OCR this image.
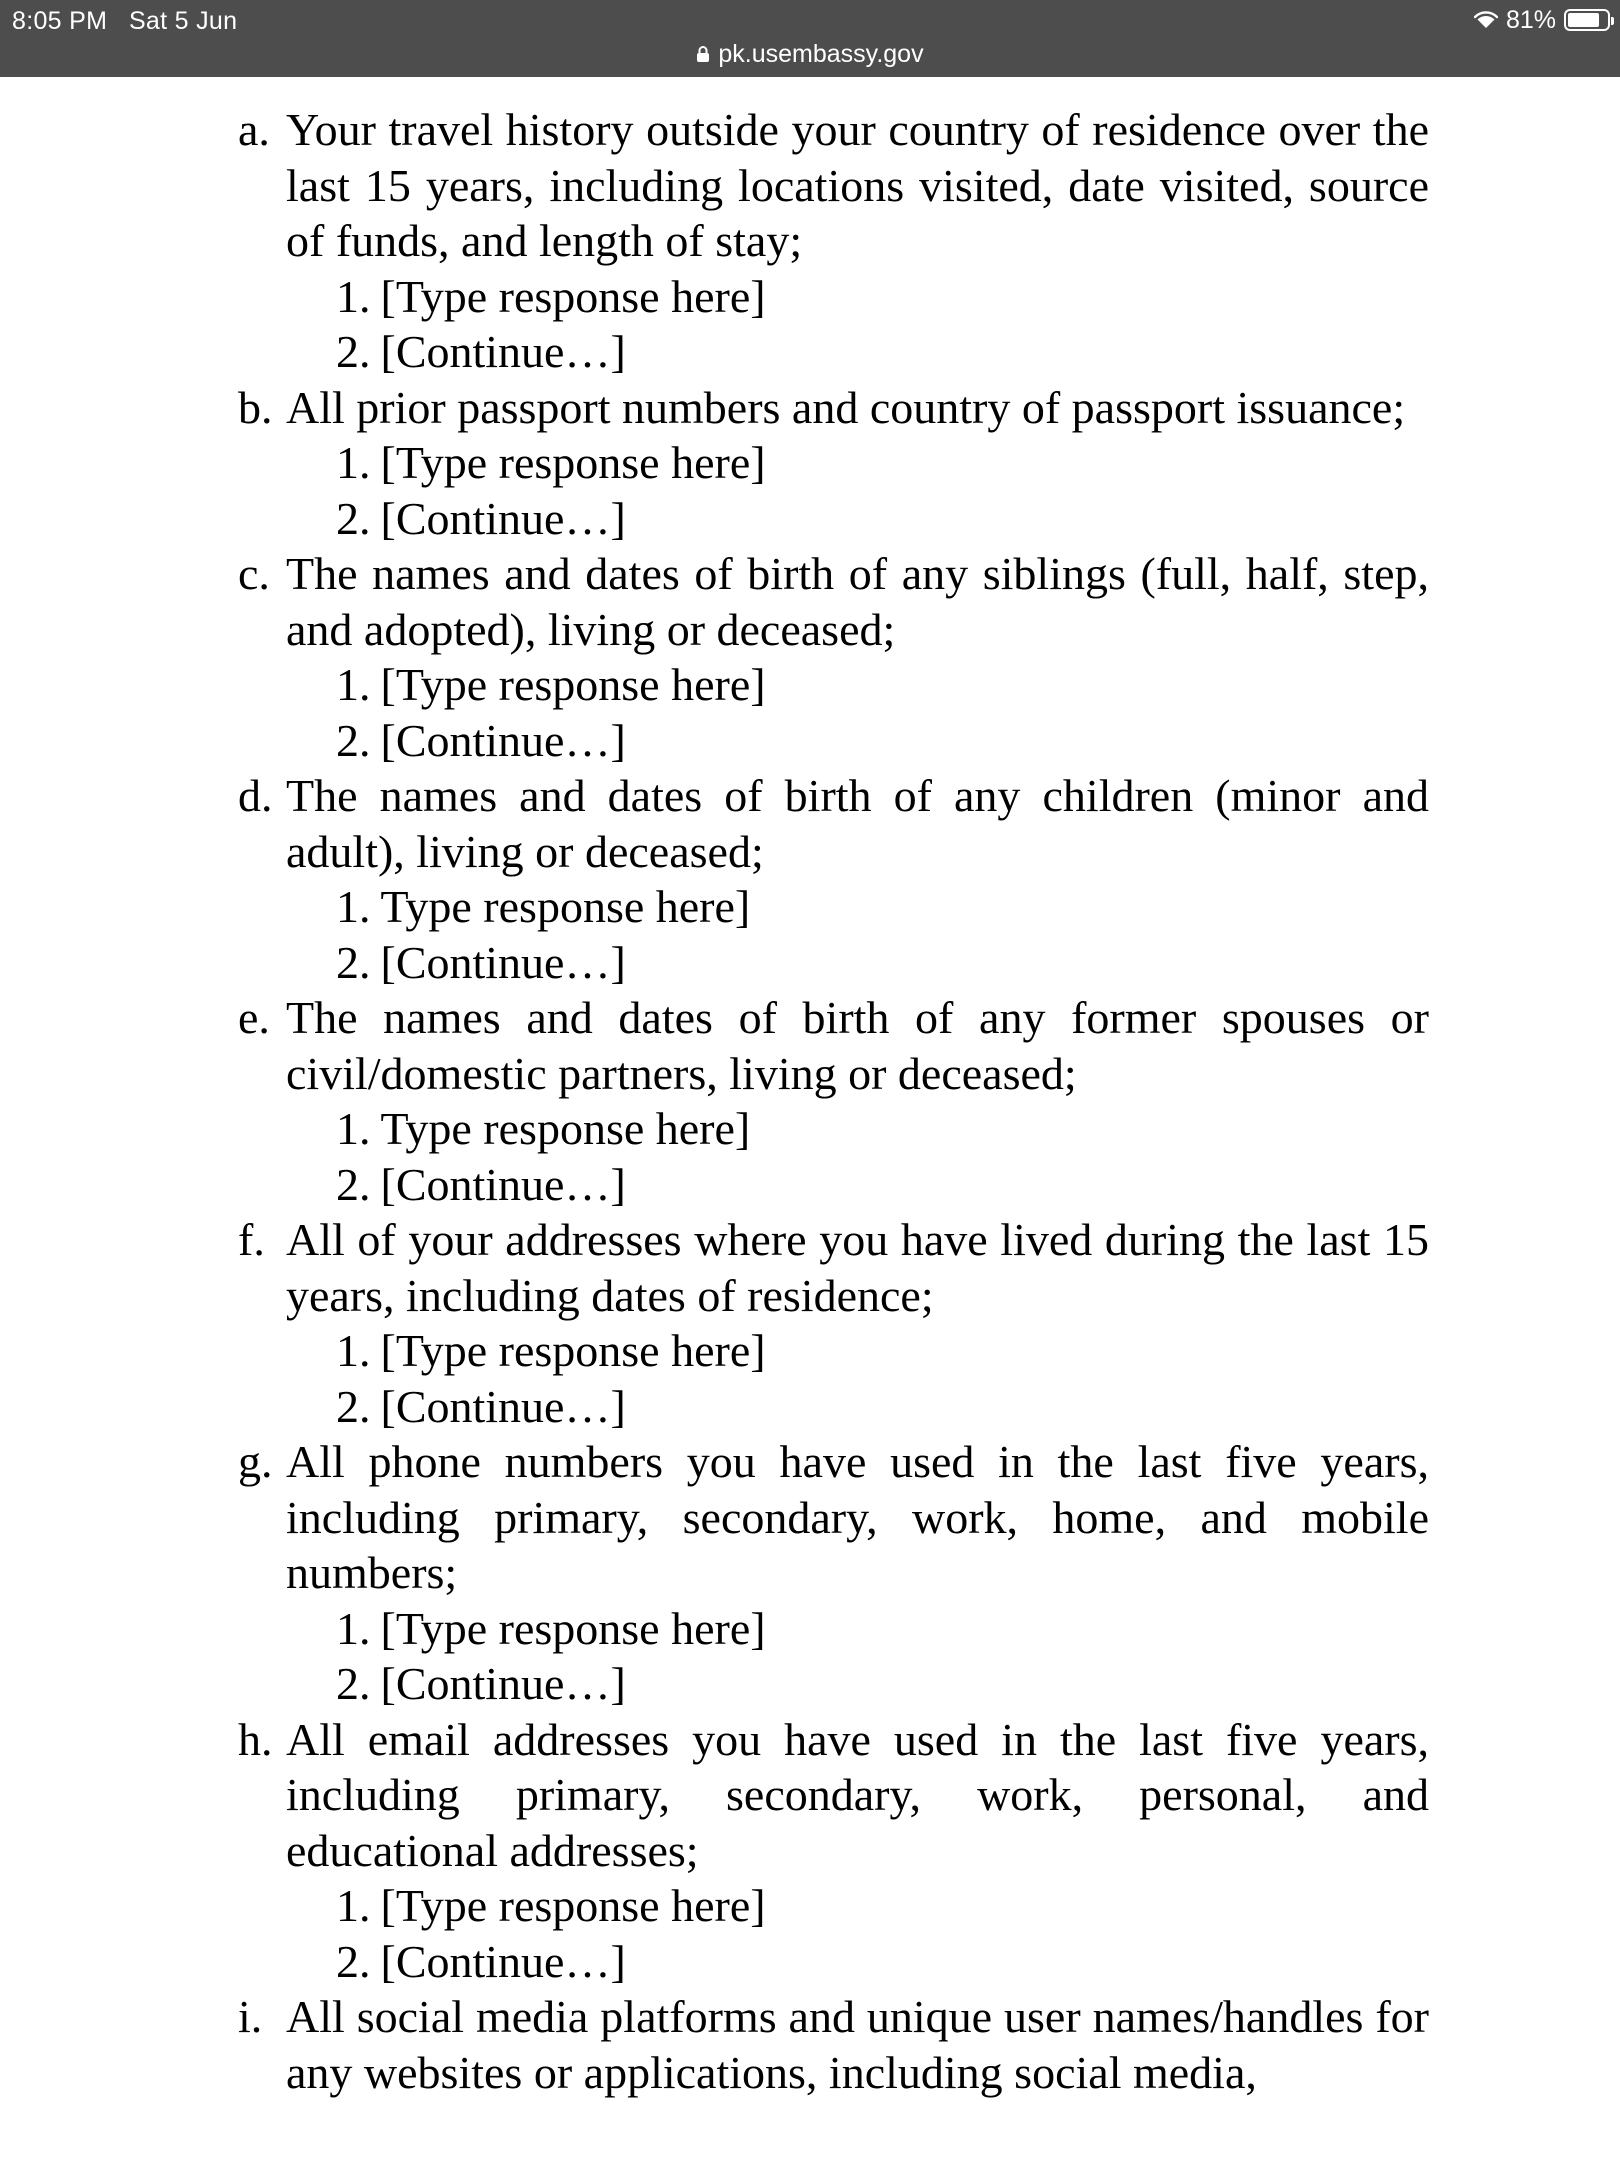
8:05 PM Sat 5 Jun	81%
pk.usembassy.gov
a. Your travel history outside your country of residence over the last 15 years, including locations visited, date visited, source of funds, and length of stay;
1. [Type response here]
2. [Continue…]
b. All prior passport numbers and country of passport issuance;
1. [Type response here]
2. [Continue…]
c. The names and dates of birth of any siblings (full, half, step, and adopted), living or deceased;
1. [Type response here]
2. [Continue…]
d. The names and dates of birth of any children (minor and adult), living or deceased;
1. Type response here]
2. [Continue…]
e. The names and dates of birth of any former spouses or civil/domestic partners, living or deceased;
1. Type response here]
2. [Continue…]
f. All of your addresses where you have lived during the last 15 years, including dates of residence;
1. [Type response here]
2. [Continue…]
g. All phone numbers you have used in the last five years, including primary, secondary, work, home, and mobile numbers;
1. [Type response here]
2. [Continue…]
h. All email addresses you have used in the last five years, including primary, secondary, work, personal, and educational addresses;
1. [Type response here]
2. [Continue…]
i. All social media platforms and unique user names/handles for any websites or applications, including social media,
